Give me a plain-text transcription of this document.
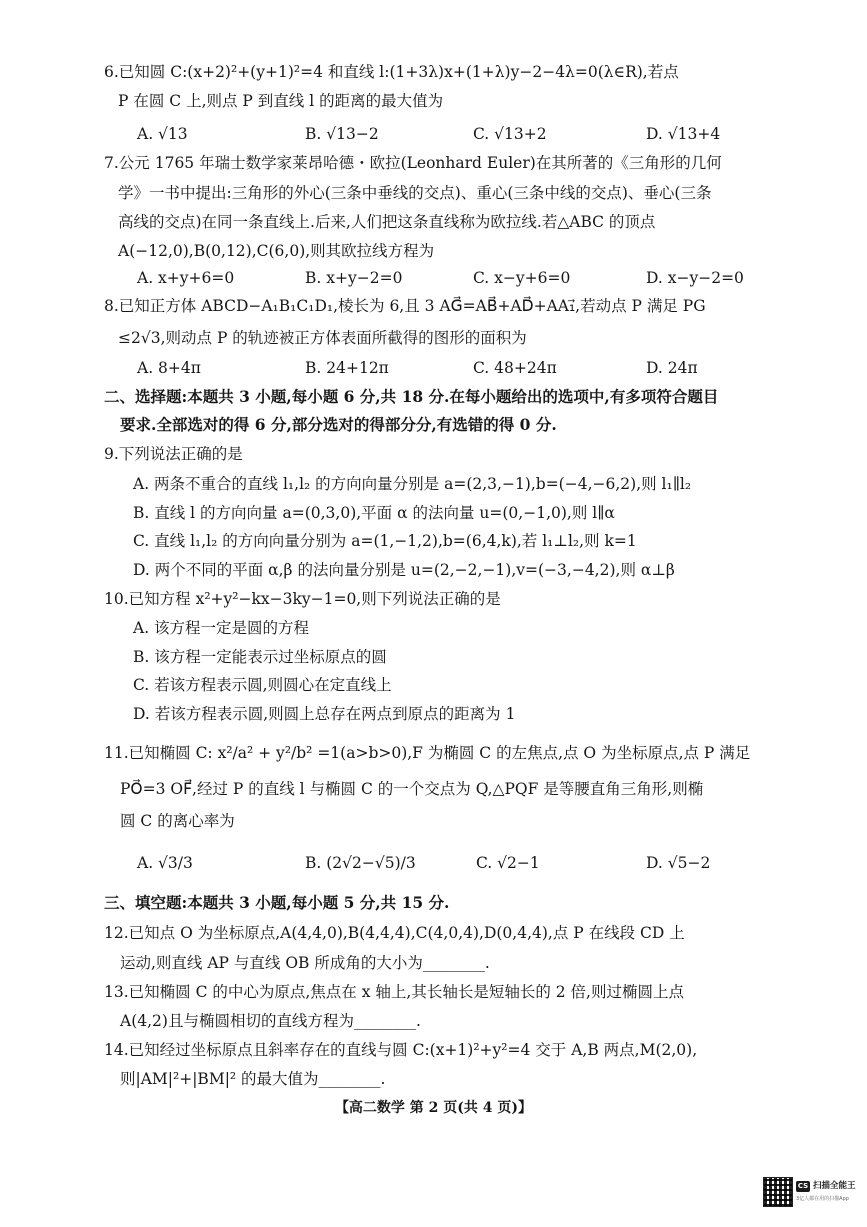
6.已知圆 C:(x+2)²+(y+1)²=4 和直线 l:(1+3λ)x+(1+λ)y−2−4λ=0(λ∈R),若点
P 在圆 C 上,则点 P 到直线 l 的距离的最大值为
A. √13	B. √13−2	C. √13+2	D. √13+4
7.公元 1765 年瑞士数学家莱昂哈德・欧拉(Leonhard Euler)在其所著的《三角形的几何
学》一书中提出:三角形的外心(三条中垂线的交点)、重心(三条中线的交点)、垂心(三条
高线的交点)在同一条直线上.后来,人们把这条直线称为欧拉线.若△ABC 的顶点
A(−12,0),B(0,12),C(6,0),则其欧拉线方程为
A. x+y+6=0	B. x+y−2=0	C. x−y+6=0	D. x−y−2=0
8.已知正方体 ABCD−A₁B₁C₁D₁,棱长为 6,且 3 AG⃗=AB⃗+AD⃗+AA₁⃗,若动点 P 满足 PG
≤2√3,则动点 P 的轨迹被正方体表面所截得的图形的面积为
A. 8+4π	B. 24+12π	C. 48+24π	D. 24π
二、选择题:本题共 3 小题,每小题 6 分,共 18 分.在每小题给出的选项中,有多项符合题目
要求.全部选对的得 6 分,部分选对的得部分分,有选错的得 0 分.
9.下列说法正确的是
A. 两条不重合的直线 l₁,l₂ 的方向向量分别是 a=(2,3,−1),b=(−4,−6,2),则 l₁∥l₂
B. 直线 l 的方向向量 a=(0,3,0),平面 α 的法向量 u=(0,−1,0),则 l∥α
C. 直线 l₁,l₂ 的方向向量分别为 a=(1,−1,2),b=(6,4,k),若 l₁⊥l₂,则 k=1
D. 两个不同的平面 α,β 的法向量分别是 u=(2,−2,−1),v=(−3,−4,2),则 α⊥β
10.已知方程 x²+y²−kx−3ky−1=0,则下列说法正确的是
A. 该方程一定是圆的方程
B. 该方程一定能表示过坐标原点的圆
C. 若该方程表示圆,则圆心在定直线上
D. 若该方程表示圆,则圆上总存在两点到原点的距离为 1
11.已知椭圆 C: x²/a² + y²/b² =1(a>b>0),F 为椭圆 C 的左焦点,点 O 为坐标原点,点 P 满足
PO⃗=3 OF⃗,经过 P 的直线 l 与椭圆 C 的一个交点为 Q,△PQF 是等腰直角三角形,则椭
圆 C 的离心率为
A. √3/3	B. (2√2−√5)/3	C. √2−1	D. √5−2
三、填空题:本题共 3 小题,每小题 5 分,共 15 分.
12.已知点 O 为坐标原点,A(4,4,0),B(4,4,4),C(4,0,4),D(0,4,4),点 P 在线段 CD 上
运动,则直线 AP 与直线 OB 所成角的大小为________.
13.已知椭圆 C 的中心为原点,焦点在 x 轴上,其长轴长是短轴长的 2 倍,则过椭圆上点
A(4,2)且与椭圆相切的直线方程为________.
14.已知经过坐标原点且斜率存在的直线与圆 C:(x+1)²+y²=4 交于 A,B 两点,M(2,0),
则|AM|²+|BM|² 的最大值为________.
【高二数学 第 2 页(共 4 页)】
CS 扫描全能王
3亿人都在用的扫描App
